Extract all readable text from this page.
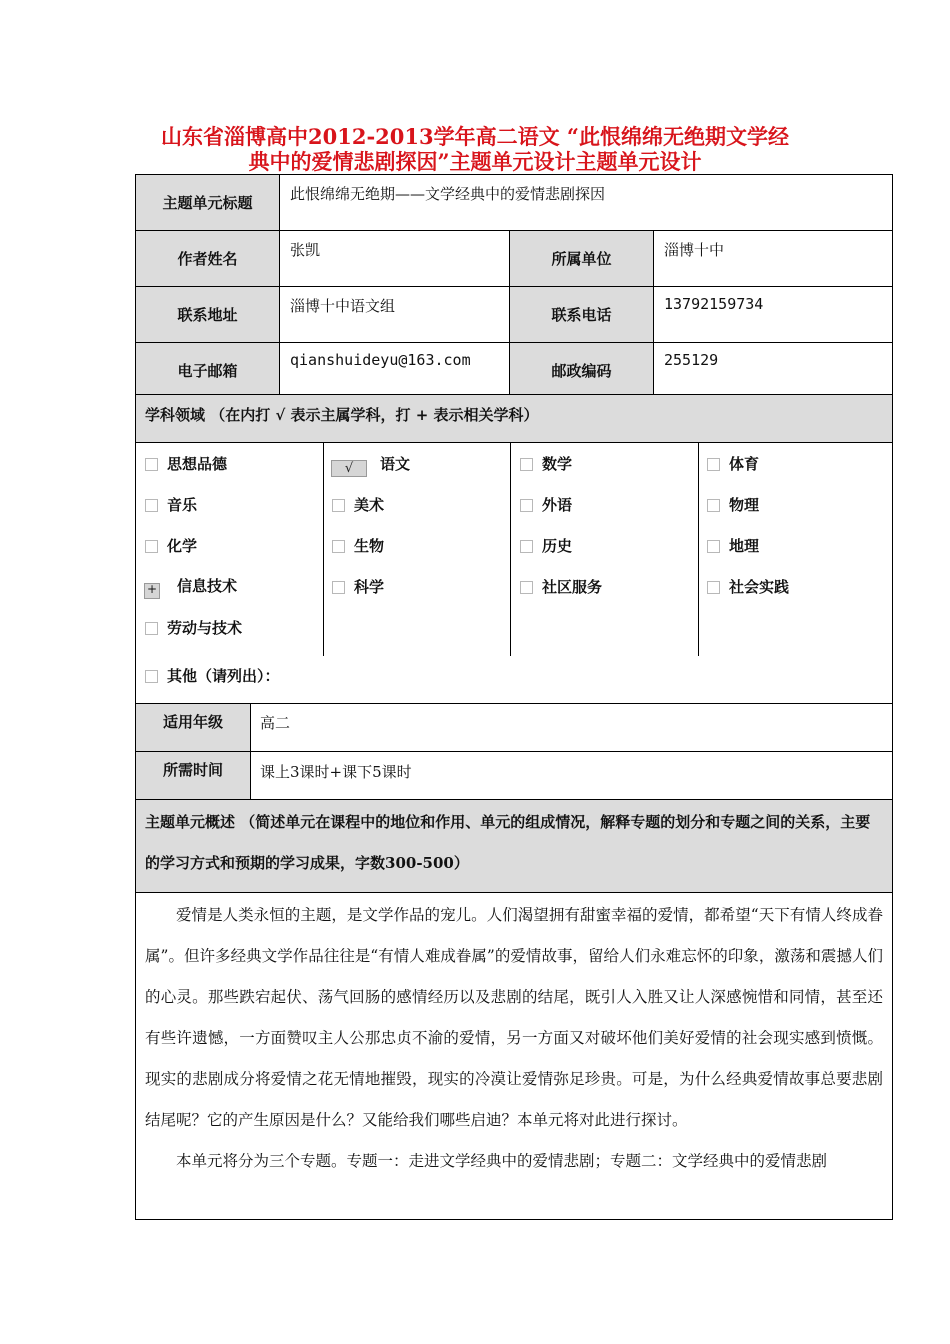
山东省淄博高中2012-2013学年高二语文 “此恨绵绵无绝期文学经
典中的爱情悲剧探因”主题单元设计主题单元设计
主题单元标题	此恨绵绵无绝期——文学经典中的爱情悲剧探因		
作者姓名	张凯	所属单位	淄博十中
联系地址	淄博十中语文组	联系电话	13792159734
电子邮箱	qianshuideyu@163.com	邮政编码	255129
学科领域 （在内打 √ 表示主属学科，打 + 表示相关学科）
思想品德
音乐
化学
+ 信息技术
劳动与技术
√ 语文
美术
生物
科学
数学
外语
历史
社区服务
体育
物理
地理
社会实践
其他（请列出）：
适用年级	高二
所需时间	课上3课时+课下5课时

主题单元概述 （简述单元在课程中的地位和作用、单元的组成情况，解释专题的划分和专题之间的关系，主要的学习方式和预期的学习成果，字数300-500）

爱情是人类永恒的主题，是文学作品的宠儿。人们渴望拥有甜蜜幸福的爱情，都希望“天下有情人终成眷属”。但许多经典文学作品往往是“有情人难成眷属”的爱情故事，留给人们永难忘怀的印象，激荡和震撼人们的心灵。那些跌宕起伏、荡气回肠的感情经历以及悲剧的结尾，既引人入胜又让人深感惋惜和同情，甚至还有些许遗憾，一方面赞叹主人公那忠贞不渝的爱情，另一方面又对破坏他们美好爱情的社会现实感到愤慨。现实的悲剧成分将爱情之花无情地摧毁，现实的冷漠让爱情弥足珍贵。可是，为什么经典爱情故事总要悲剧结尾呢？它的产生原因是什么？又能给我们哪些启迪？本单元将对此进行探讨。

本单元将分为三个专题。专题一：走进文学经典中的爱情悲剧；专题二：文学经典中的爱情悲剧
